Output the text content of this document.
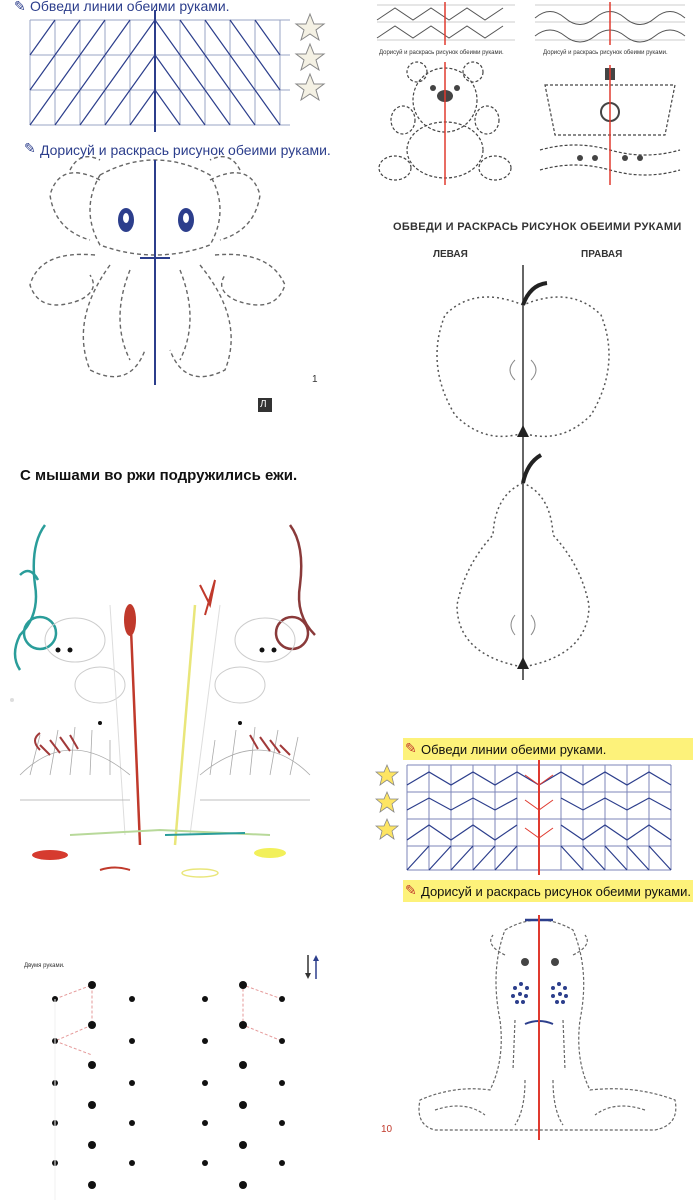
✎ Обведи линии обеими руками.
✎ Дорисуй и раскрась рисунок обеими руками.
1
Л
Дорисуй и раскрась рисунок обеими руками.	Дорисуй и раскрась рисунок обеими руками.
ОБВЕДИ И РАСКРАСЬ РИСУНОК ОБЕИМИ РУКАМИ
ЛЕВАЯ	ПРАВАЯ
С мышами во ржи подружились ежи.
✎ Обведи линии обеими руками.
✎ Дорисуй и раскрась рисунок обеими руками.
10
Двумя руками.
